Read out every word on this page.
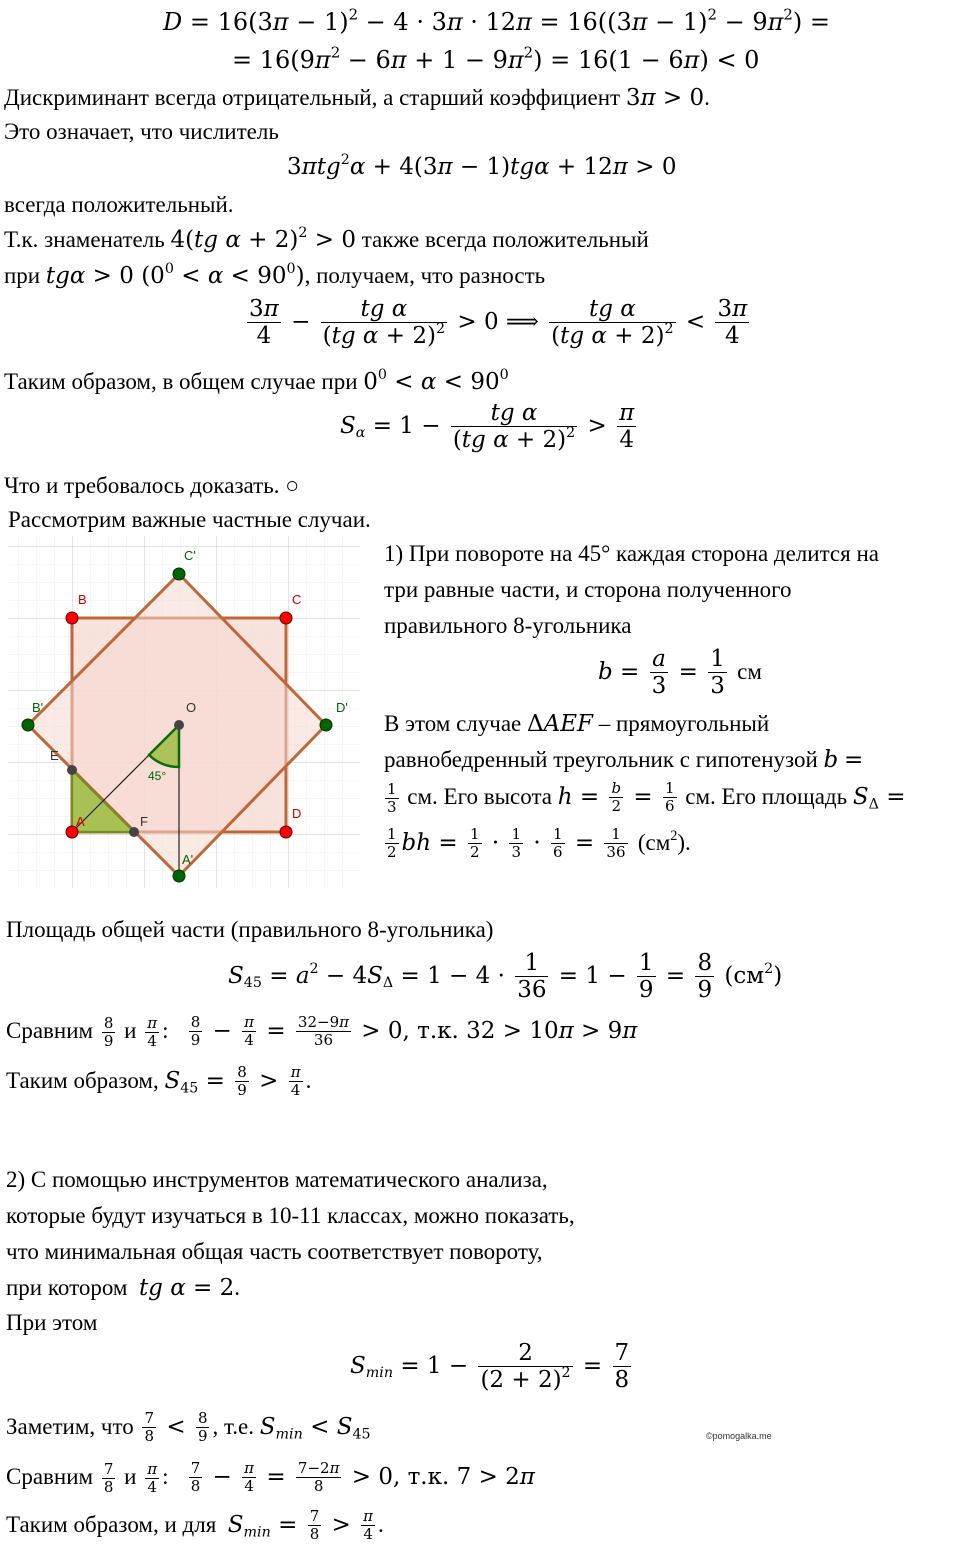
$D = 16(3\pi - 1)^2 - 4 \cdot 3\pi \cdot 12\pi = 16((3\pi - 1)^2 - 9\pi^2)$ =
= $16(9\pi^2 - 6\pi + 1 - 9\pi^2) = 16(1 - 6\pi) < 0$
Дискриминант всегда отрицательный, а старший коэффициент 3π > 0.
Это означает, что числитель
3πtg$^2$α + 4(3π − 1)tgα + 12π > 0
всегда положительный.
Т.к. знаменатель 4(tg α + 2)$^2$ > 0 также всегда положительный
при tgα > 0 $(0^0 < \alpha < 90^0)$, получаем, что разность
$\frac{3\pi}{4} - \frac{\text{tg α}}{(tg \alpha + 2)^2} > 0$ ⟹ $\frac{\text{tg α}}{(tg \alpha + 2)^2} < \frac{3\pi}{4}$
Таким образом, в общем случае при $0^0 < \alpha < 90^0$
$S_\alpha = 1 - \frac{\text{tg α}}{(tg \alpha + 2)^2} > \frac{\pi}{4}$
Что и требовалось доказать. ○
Рассмотрим важные частные случаи.
45°
A
B	C
D
A'
B'
C'
D'
E
F
O
1) При повороте на 45° каждая сторона делится на
три равные части, и сторона полученного
правильного 8-угольника
$b = \frac{a}{3} = \frac{1}{3}$ см
В этом случае ΔAEF – прямоугольный
равнобедренный треугольник с гипотенузой b =
$\frac{1}{3}$ см. Его высота $h = \frac{b}{2} = \frac{1}{6}$ см. Его площадь $S_\Delta$ =
$\frac{1}{2}$ bh = $\frac{1}{2} \cdot \frac{1}{3} \cdot \frac{1}{6} = \frac{1}{36} (см^2)$.
Площадь общей части (правильного 8-угольника)
$S_{45} = a^2 - 4S_\Delta = 1 - 4 \cdot \frac{1}{36} = 1 - \frac{1}{9} = \frac{8}{9} (см^2)$
Сравним $\frac{8}{9}$ и $\frac{\pi}{4}$ : $\frac{8}{9} - \frac{\pi}{4} = \frac{32-9\pi}{36} > 0$, т.к. 32 > 10π > 9π
Таким образом, $S_{45} = \frac{8}{9} > \frac{\pi}{4}$ .
2) С помощью инструментов математического анализа,
которые будут изучаться в 10-11 классах, можно показать,
что минимальная общая часть соответствует повороту,
при котором  tg α = 2.
При этом
$S_{min} = 1 - \frac{2}{(2 + 2)^2} = \frac{7}{8}$
Заметим, что $\frac{7}{8} < \frac{8}{9}$ , т.е. $S_{min} < S_{45}$	©pomogalka.me
Сравним $\frac{7}{8}$ и $\frac{\pi}{4}$ : $\frac{7}{8} - \frac{\pi}{4} = \frac{7-2\pi}{8} > 0$, т.к. 7 > 2π
Таким образом, и для  $S_{min} = \frac{7}{8} > \frac{\pi}{4}$ .
